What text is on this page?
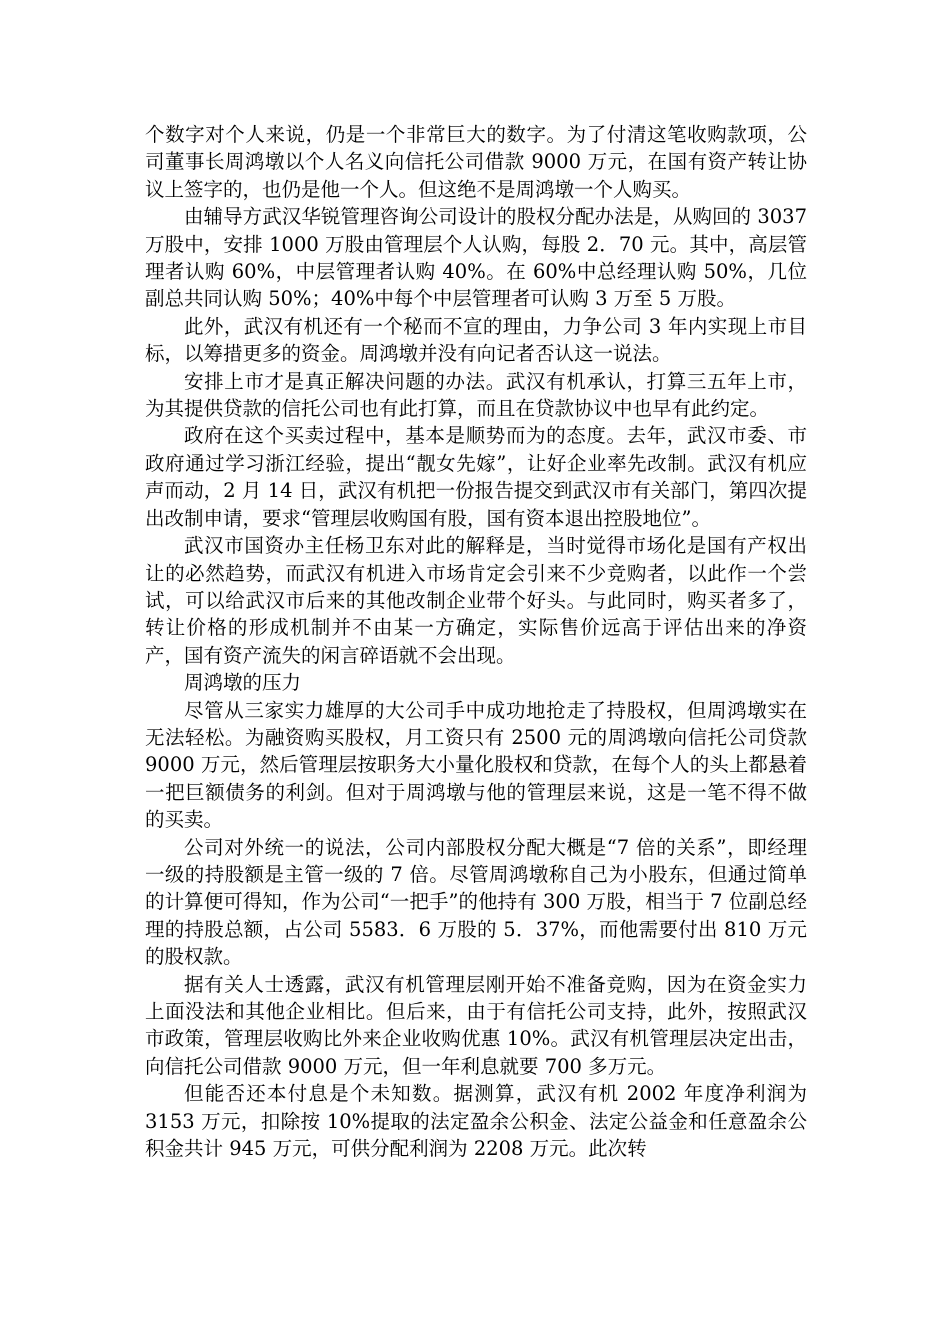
个数字对个人来说，仍是一个非常巨大的数字。为了付清这笔收购款项，公司董事长周鸿墩以个人名义向信托公司借款 9000 万元，在国有资产转让协议上签字的，也仍是他一个人。但这绝不是周鸿墩一个人购买。

由辅导方武汉华锐管理咨询公司设计的股权分配办法是，从购回的 3037 万股中，安排 1000 万股由管理层个人认购，每股 2．70 元。其中，高层管理者认购 60%，中层管理者认购 40%。在 60%中总经理认购 50%，几位副总共同认购 50%；40%中每个中层管理者可认购 3 万至 5 万股。

此外，武汉有机还有一个秘而不宣的理由，力争公司 3 年内实现上市目标，以筹措更多的资金。周鸿墩并没有向记者否认这一说法。

安排上市才是真正解决问题的办法。武汉有机承认，打算三五年上市，为其提供贷款的信托公司也有此打算，而且在贷款协议中也早有此约定。

政府在这个买卖过程中，基本是顺势而为的态度。去年，武汉市委、市政府通过学习浙江经验，提出“靓女先嫁”，让好企业率先改制。武汉有机应声而动，2 月 14 日，武汉有机把一份报告提交到武汉市有关部门，第四次提出改制申请，要求“管理层收购国有股，国有资本退出控股地位”。

武汉市国资办主任杨卫东对此的解释是，当时觉得市场化是国有产权出让的必然趋势，而武汉有机进入市场肯定会引来不少竞购者，以此作一个尝试，可以给武汉市后来的其他改制企业带个好头。与此同时，购买者多了，转让价格的形成机制并不由某一方确定，实际售价远高于评估出来的净资产，国有资产流失的闲言碎语就不会出现。

周鸿墩的压力

尽管从三家实力雄厚的大公司手中成功地抢走了持股权，但周鸿墩实在无法轻松。为融资购买股权，月工资只有 2500 元的周鸿墩向信托公司贷款 9000 万元，然后管理层按职务大小量化股权和贷款，在每个人的头上都悬着一把巨额债务的利剑。但对于周鸿墩与他的管理层来说，这是一笔不得不做的买卖。

公司对外统一的说法，公司内部股权分配大概是“7 倍的关系”，即经理一级的持股额是主管一级的 7 倍。尽管周鸿墩称自己为小股东，但通过简单的计算便可得知，作为公司“一把手”的他持有 300 万股，相当于 7 位副总经理的持股总额，占公司 5583．6 万股的 5．37%，而他需要付出 810 万元的股权款。

据有关人士透露，武汉有机管理层刚开始不准备竞购，因为在资金实力上面没法和其他企业相比。但后来，由于有信托公司支持，此外，按照武汉市政策，管理层收购比外来企业收购优惠 10%。武汉有机管理层决定出击，向信托公司借款 9000 万元，但一年利息就要 700 多万元。

但能否还本付息是个未知数。据测算，武汉有机 2002 年度净利润为 3153 万元，扣除按 10%提取的法定盈余公积金、法定公益金和任意盈余公积金共计 945 万元，可供分配利润为 2208 万元。此次转
